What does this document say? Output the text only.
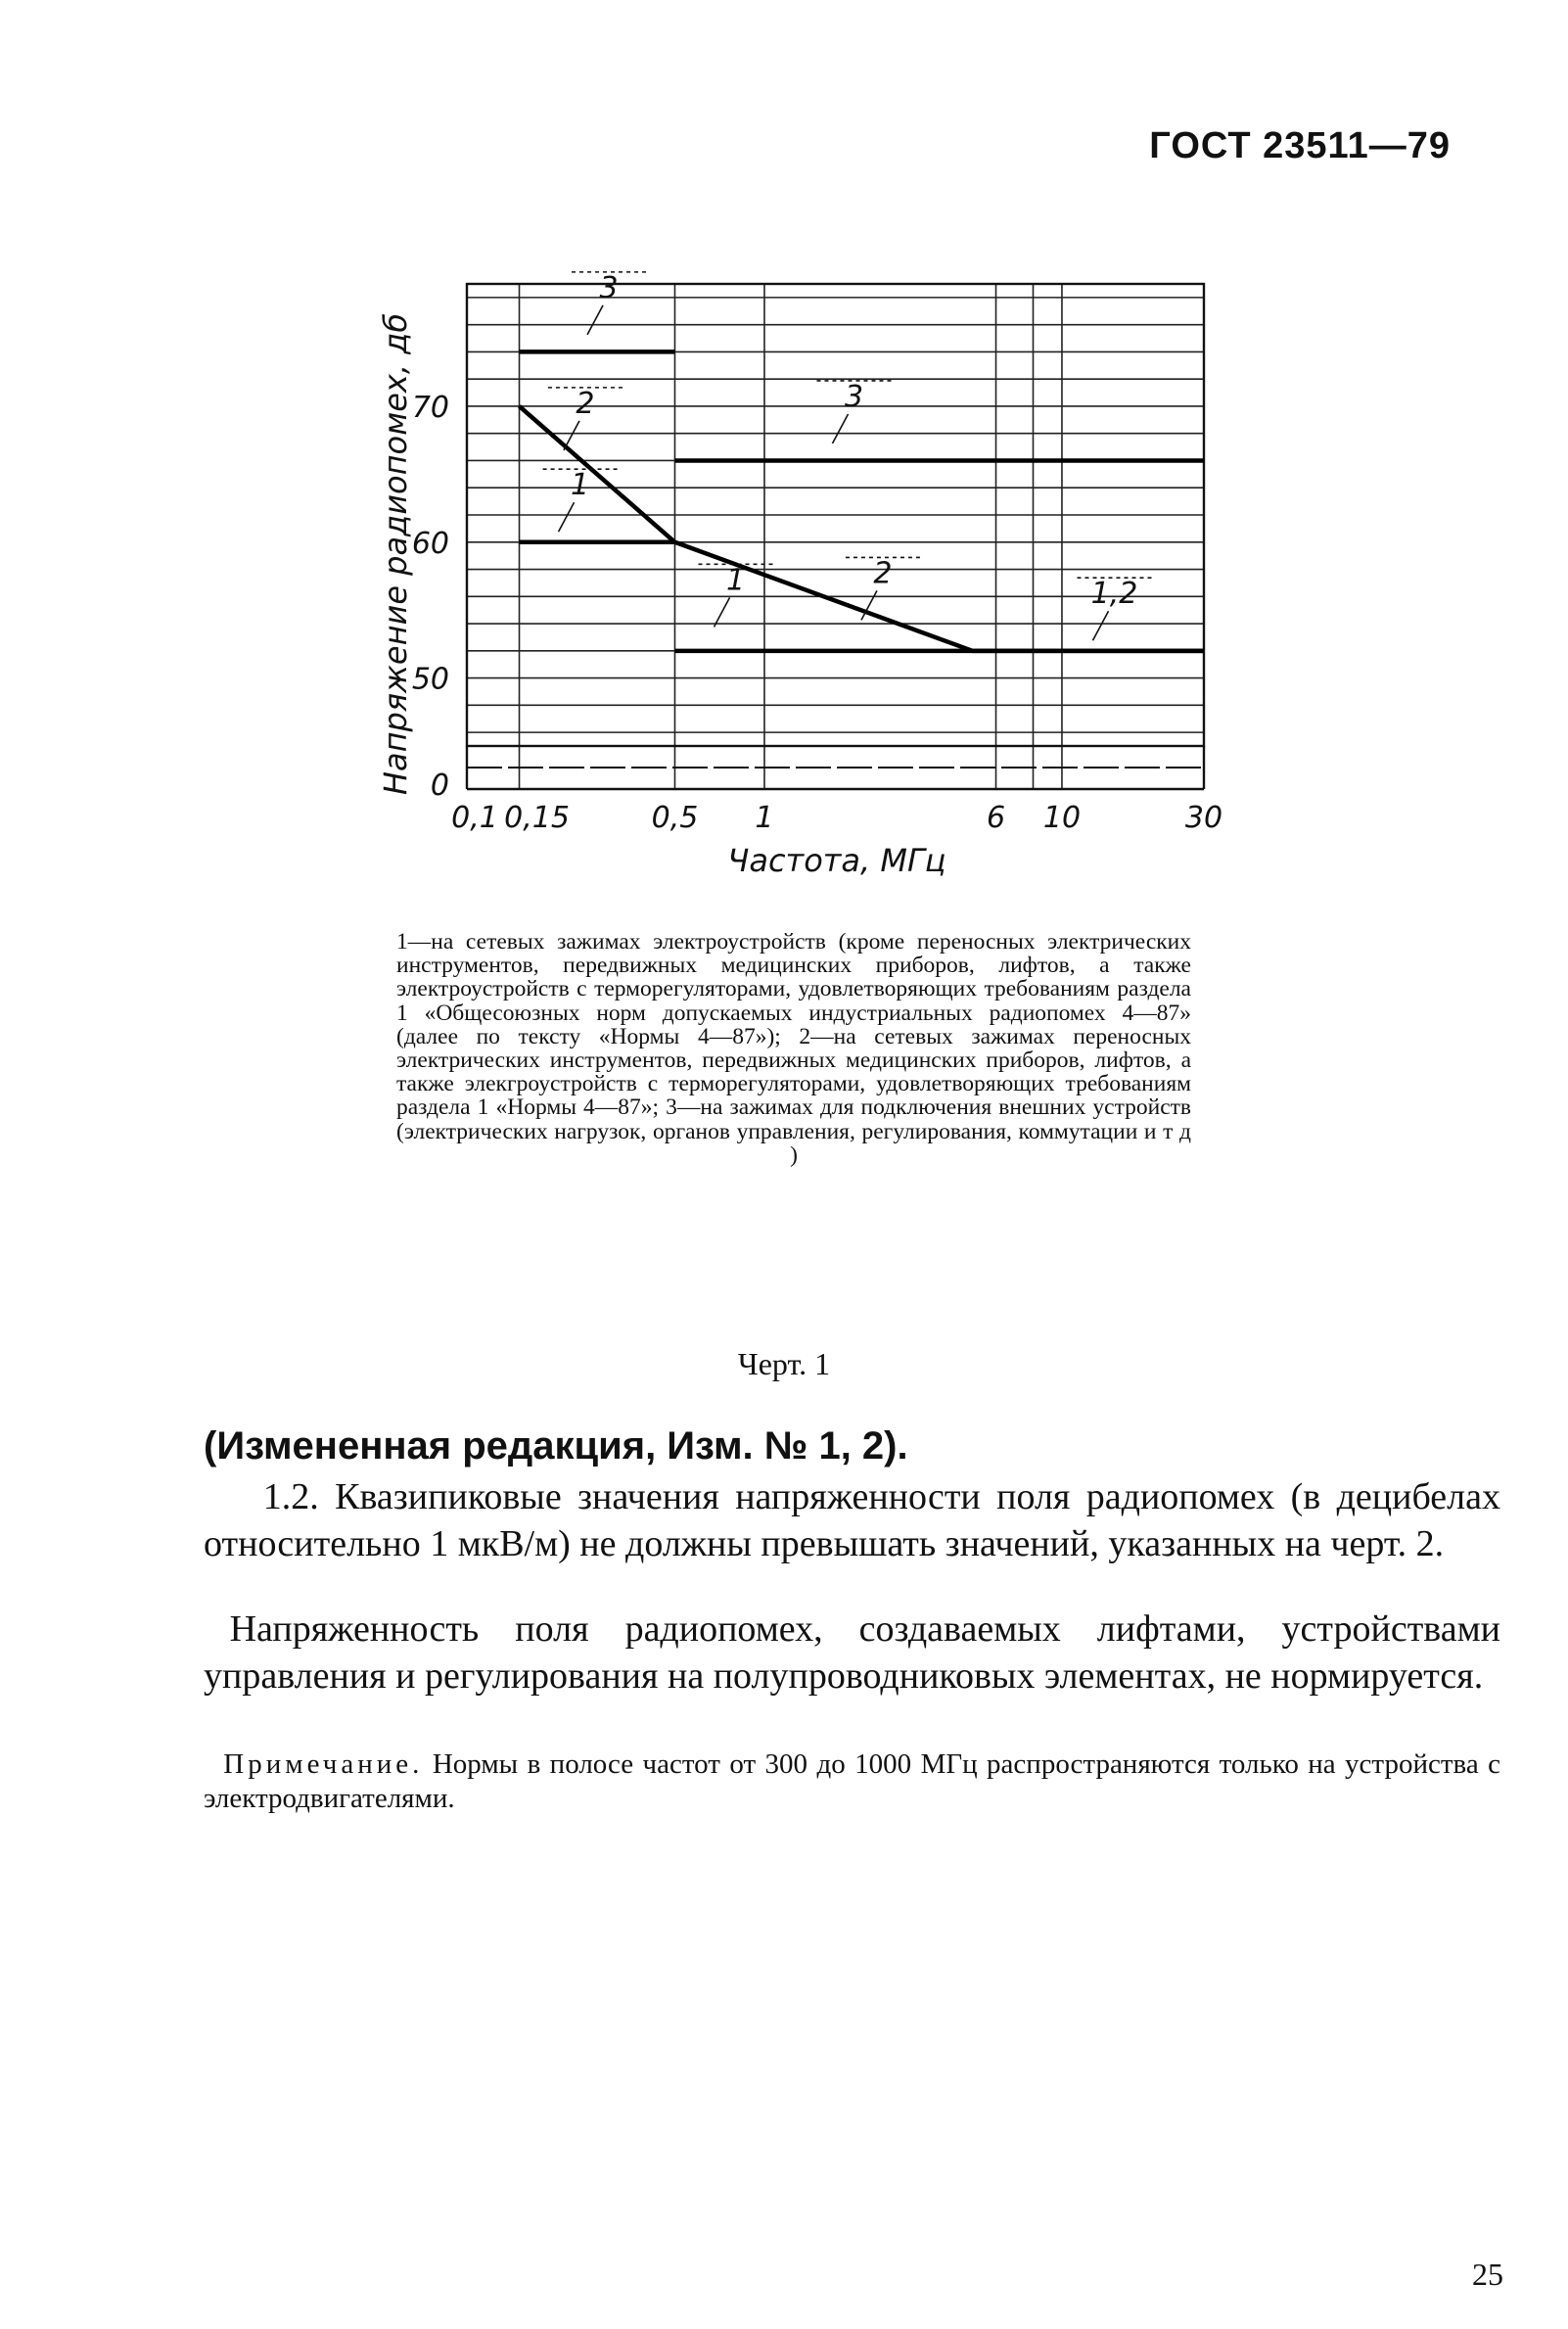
ГОСТ 23511—79
50
60
70
0
0,1 0,15	0,5 1	6 10	30
Частота, МГц
Напряжение радиопомех, дб
3
3
2
1
1	2
1,2
1—на сетевых зажимах электроустройств (кроме переносных электрических инструментов, передвижных медицинских приборов, лифтов, а также электроустройств с терморегуляторами, удовлетворяющих требованиям раздела 1 «Общесоюзных норм допускаемых индустриальных радиопомех 4—87» (далее по тексту «Нормы 4—87»); 2—на сетевых зажимах переносных электрических инструментов, передвижных медицинских приборов, лифтов, а также элекгроустройств с терморегуляторами, удовлетворяющих требованиям раздела 1 «Нормы 4—87»; 3—на зажимах для подключения внешних устройств (электрических нагрузок, органов управления, регулирования, коммутации и т д )
Черт. 1
(Измененная редакция, Изм. № 1, 2).
1.2. Квазипиковые значения напряженности поля радиопомех (в децибелах относительно 1 мкВ/м) не должны превышать значений, указанных на черт. 2.
Напряженность поля радиопомех, создаваемых лифтами, устройствами управления и регулирования на полупроводниковых элементах, не нормируется.
Примечание. Нормы в полосе частот от 300 до 1000 МГц распространяются только на устройства с электродвигателями.
25
